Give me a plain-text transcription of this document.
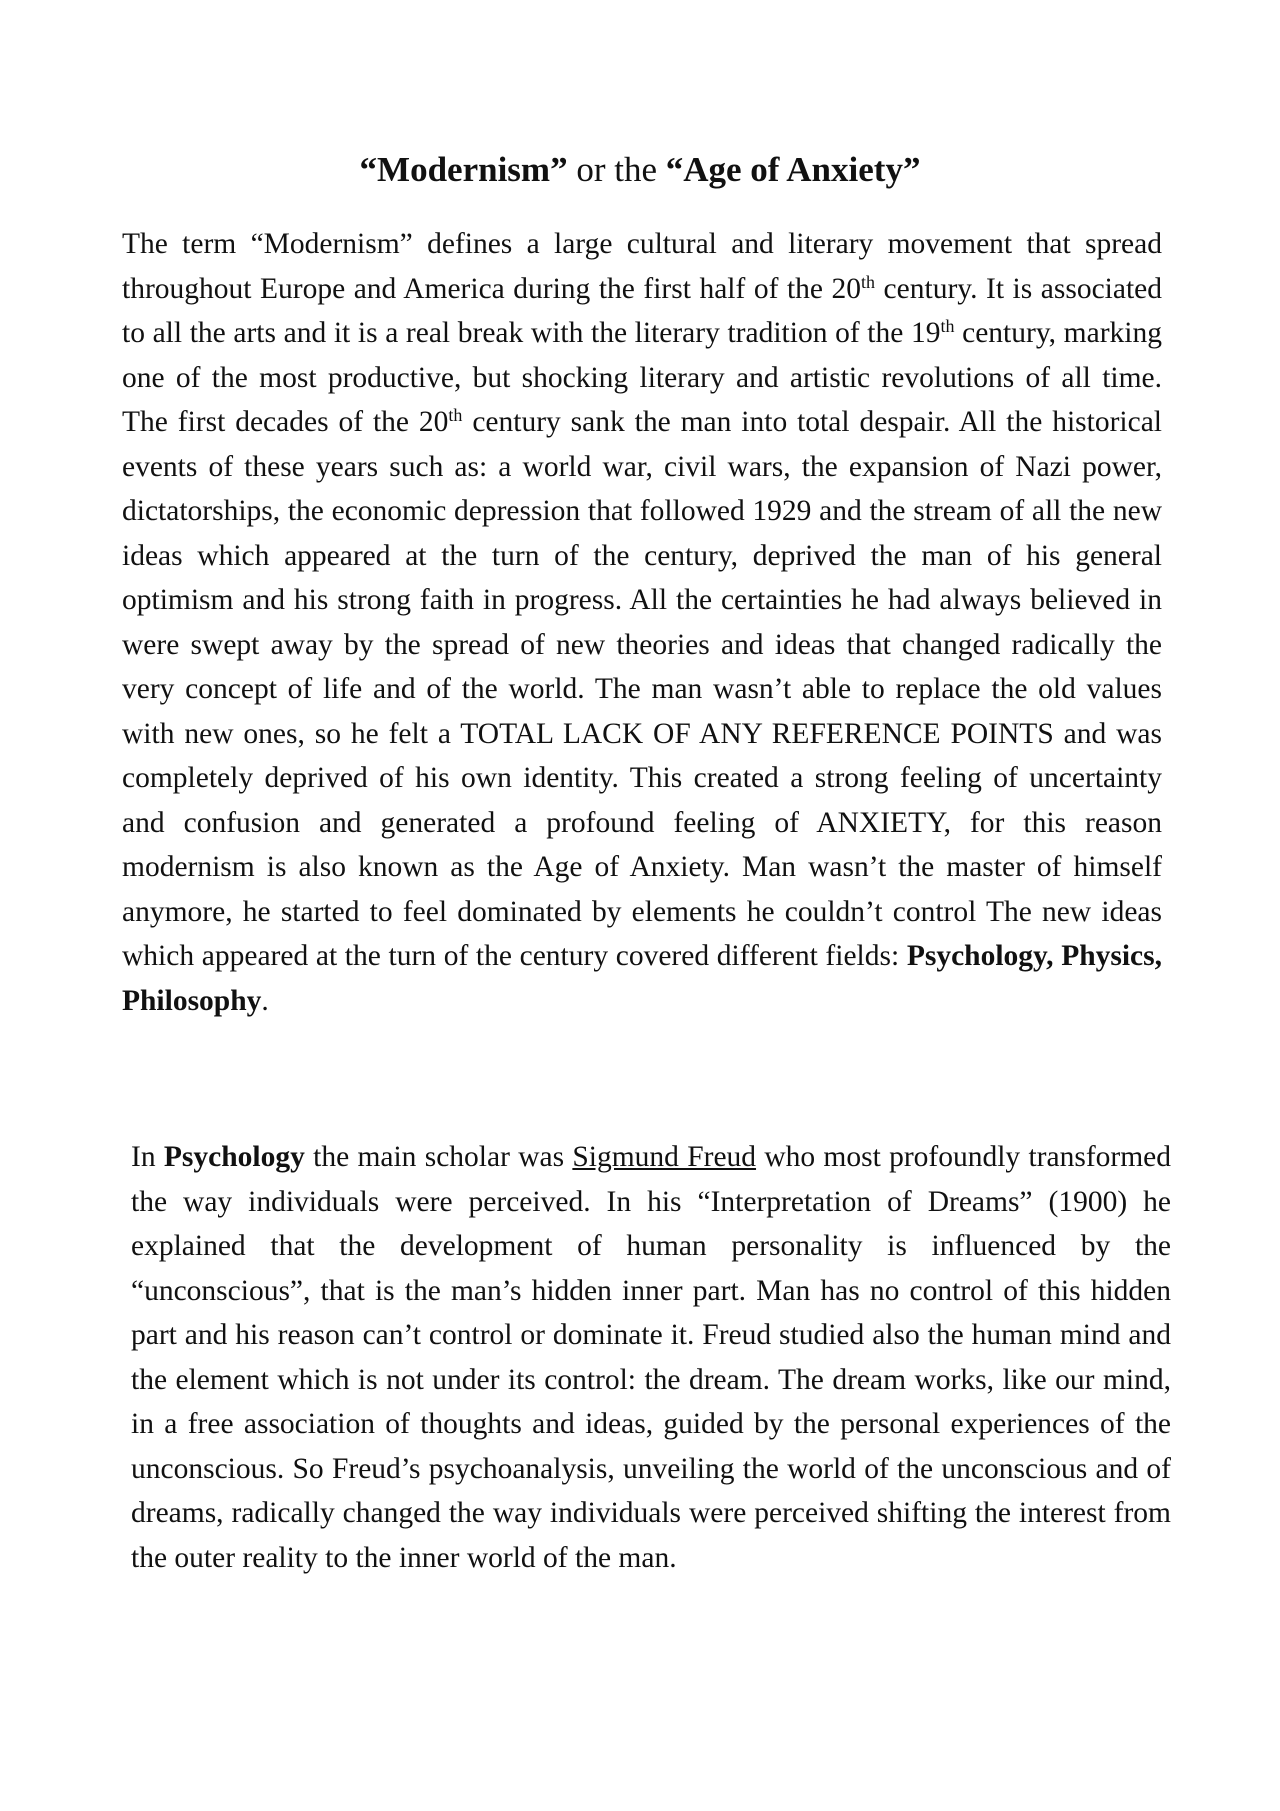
“Modernism” or the “Age of Anxiety”

The term “Modernism” defines a large cultural and literary movement that spread throughout Europe and America during the first half of the 20th century. It is associated to all the arts and it is a real break with the literary tradition of the 19th century, marking one of the most productive, but shocking literary and artistic revolutions of all time. The first decades of the 20th century sank the man into total despair. All the historical events of these years such as: a world war, civil wars, the expansion of Nazi power, dictatorships, the economic depression that followed 1929 and the stream of all the new ideas which appeared at the turn of the century, deprived the man of his general optimism and his strong faith in progress. All the certainties he had always believed in were swept away by the spread of new theories and ideas that changed radically the very concept of life and of the world. The man wasn’t able to replace the old values with new ones, so he felt a TOTAL LACK OF ANY REFERENCE POINTS and was completely deprived of his own identity. This created a strong feeling of uncertainty and confusion and generated a profound feeling of ANXIETY, for this reason modernism is also known as the Age of Anxiety. Man wasn’t the master of himself anymore, he started to feel dominated by elements he couldn’t control The new ideas which appeared at the turn of the century covered different fields: Psychology, Physics, Philosophy.

In Psychology the main scholar was Sigmund Freud who most profoundly transformed the way individuals were perceived. In his “Interpretation of Dreams” (1900) he explained that the development of human personality is influenced by the “unconscious”, that is the man’s hidden inner part. Man has no control of this hidden part and his reason can’t control or dominate it. Freud studied also the human mind and the element which is not under its control: the dream. The dream works, like our mind, in a free association of thoughts and ideas, guided by the personal experiences of the unconscious. So Freud’s psychoanalysis, unveiling the world of the unconscious and of dreams, radically changed the way individuals were perceived shifting the interest from the outer reality to the inner world of the man.
